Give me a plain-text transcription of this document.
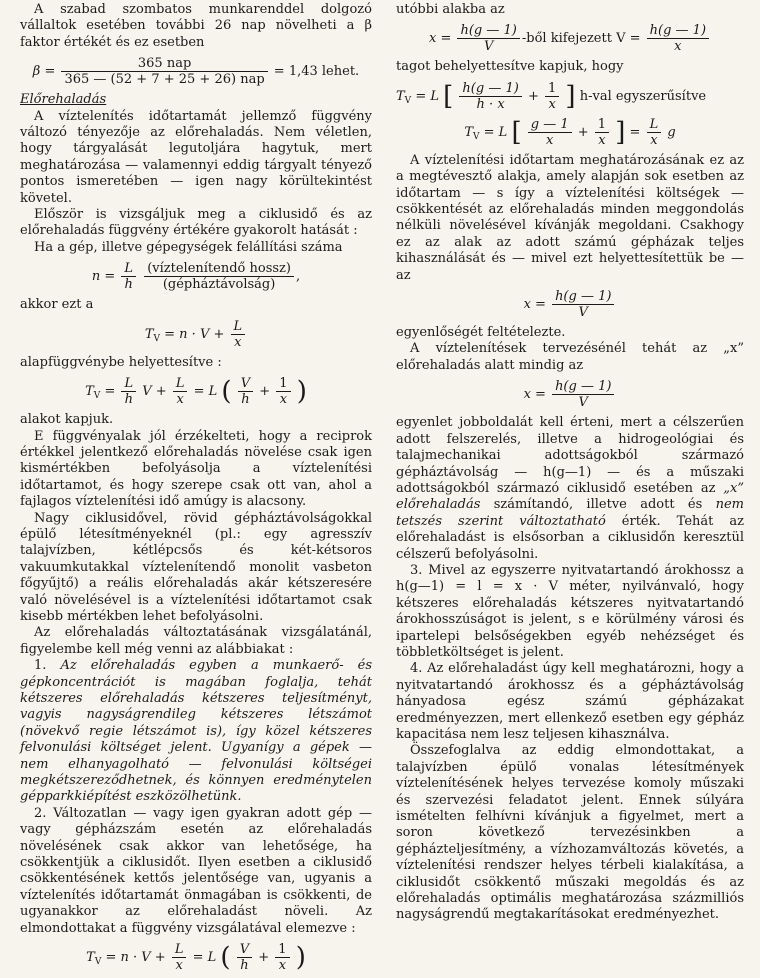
A szabad szombatos munkarenddel dolgozó vállaltok esetében további 26 nap növelheti a β faktor értékét és ez esetben

$\beta = \frac{\text{365 nap}}{\text{365 — (52 + 7 + 25 + 26) nap}} = 1,43$ lehet.

Előrehaladás

A víztelenítés időtartamát jellemző függvény változó tényezője az előrehaladás. Nem véletlen, hogy tárgyalását legutoljára hagytuk, mert meghatározása — valamennyi eddig tárgyalt tényező pontos ismeretében — igen nagy körültekintést követel.

Először is vizsgáljuk meg a ciklusidő és az előrehaladás függvény értékére gyakorolt hatását :

Ha a gép, illetve gépegységek felállítási száma

$n = \frac{L}{h}$
$\frac{\text{(víztelenítendő hossz)}}{\text{(gépháztávolság)}}$ ,

akkor ezt a

$T_V = n \cdot V + \frac{L}{x}$

alapfüggvénybe helyettesítve :

$T_V = \frac{L}{h}$ $V + \frac{L}{x} = L$ ( $\frac{V}{h} + \frac{1}{x}$ )

alakot kapjuk.

E függvényalak jól érzékelteti, hogy a reciprok értékkel jelentkező előrehaladás növelése csak igen kismértékben befolyásolja a víztelenítési időtartamot, és hogy szerepe csak ott van, ahol a fajlagos víztelenítési idő amúgy is alacsony.

Nagy ciklusidővel, rövid gépháztávolságokkal épülő létesítményeknél (pl.: egy agresszív talajvízben, kétlépcsős és két-kétsoros vakuumkutakkal víztelenítendő monolit vasbeton főgyűjtő) a reális előrehaladás akár kétszeresére való növelésével is a víztelenítési időtartamot csak kisebb mértékben lehet befolyásolni.

Az előrehaladás változtatásának vizsgálatánál, figyelembe kell még venni az alábbiakat :

1. Az előrehaladás egyben a munkaerő- és gépkoncentrációt is magában foglalja, tehát kétszeres előrehaladás kétszeres teljesítményt, vagyis nagyságrendileg kétszeres létszámot (növekvő regie létszámot is), így közel kétszeres felvonulási költséget jelent. Ugyanígy a gépek — nem elhanyagolható — felvonulási költségei megkétszereződhetnek, és könnyen eredménytelen gépparkkiépítést eszközölhetünk.

2. Változatlan — vagy igen gyakran adott gép — vagy gépházszám esetén az előrehaladás növelésének csak akkor van lehetősége, ha csökkentjük a ciklusidőt. Ilyen esetben a ciklusidő csökkentésének kettős jelentősége van, ugyanis a víztelenítés időtartamát önmagában is csökkenti, de ugyanakkor az előrehaladást növeli. Az elmondottakat a függvény vizsgálatával elemezve :

$T_V = n \cdot V + \frac{L}{x} = L$ ( $\frac{V}{h} + \frac{1}{x}$ )

utóbbi alakba az

$x = \frac{h(g — 1)}{V}$ -ből kifejezett $V = \frac{h(g — 1)}{x}$

tagot behelyettesítve kapjuk, hogy

$T_V = L$ [ $\frac{h(g — 1)}{h \cdot x} + \frac{1}{x}$ ] h-val egyszerűsítve
$T_V = L$ [ $\frac{g — 1}{x} + \frac{1}{x}$ ] = $\frac{L}{x}$ g

A víztelenítési időtartam meghatározásának ez az a megtévesztő alakja, amely alapján sok esetben az időtartam — s így a víztelenítési költségek — csökkentését az előrehaladás minden meggondolás nélküli növelésével kívánják megoldani. Csakhogy ez az alak az adott számú gépházak teljes kihasználását és — mivel ezt helyettesítettük be — az

$x = \frac{h(g — 1)}{V}$

egyenlőségét feltételezte.

A víztelenítések tervezésénél tehát az „x” előrehaladás alatt mindig az

$x = \frac{h(g — 1)}{V}$

egyenlet jobboldalát kell érteni, mert a célszerűen adott felszerelés, illetve a hidrogeológiai és talajmechanikai adottságokból származó gépháztávolság — h(g—1) — és a műszaki adottságokból származó ciklusidő esetében az „x” előrehaladás számítandó, illetve adott és nem tetszés szerint változtatható érték. Tehát az előrehaladást is elsősorban a ciklusidőn keresztül célszerű befolyásolni.

3. Mivel az egyszerre nyitvatartandó árokhossz a h(g—1) = l = x · V méter, nyilvánvaló, hogy kétszeres előrehaladás kétszeres nyitvatartandó árokhosszúságot is jelent, s e körülmény városi és ipartelepi belsőségekben egyéb nehézséget és többletköltséget is jelent.

4. Az előrehaladást úgy kell meghatározni, hogy a nyitvatartandó árokhossz és a gépháztávolság hányadosa egész számú gépházakat eredményezzen, mert ellenkező esetben egy gépház kapacitása nem lesz teljesen kihasználva.

Összefoglalva az eddig elmondottakat, a talajvízben épülő vonalas létesítmények víztelenítésének helyes tervezése komoly műszaki és szervezési feladatot jelent. Ennek súlyára ismételten felhívni kívánjuk a figyelmet, mert a soron következő tervezésinkben a gépházteljesítmény, a vízhozamváltozás követés, a víztelenítési rendszer helyes térbeli kialakítása, a ciklusidőt csökkentő műszaki megoldás és az előrehaladás optimális meghatározása százmilliós nagyságrendű megtakarításokat eredményezhet.
